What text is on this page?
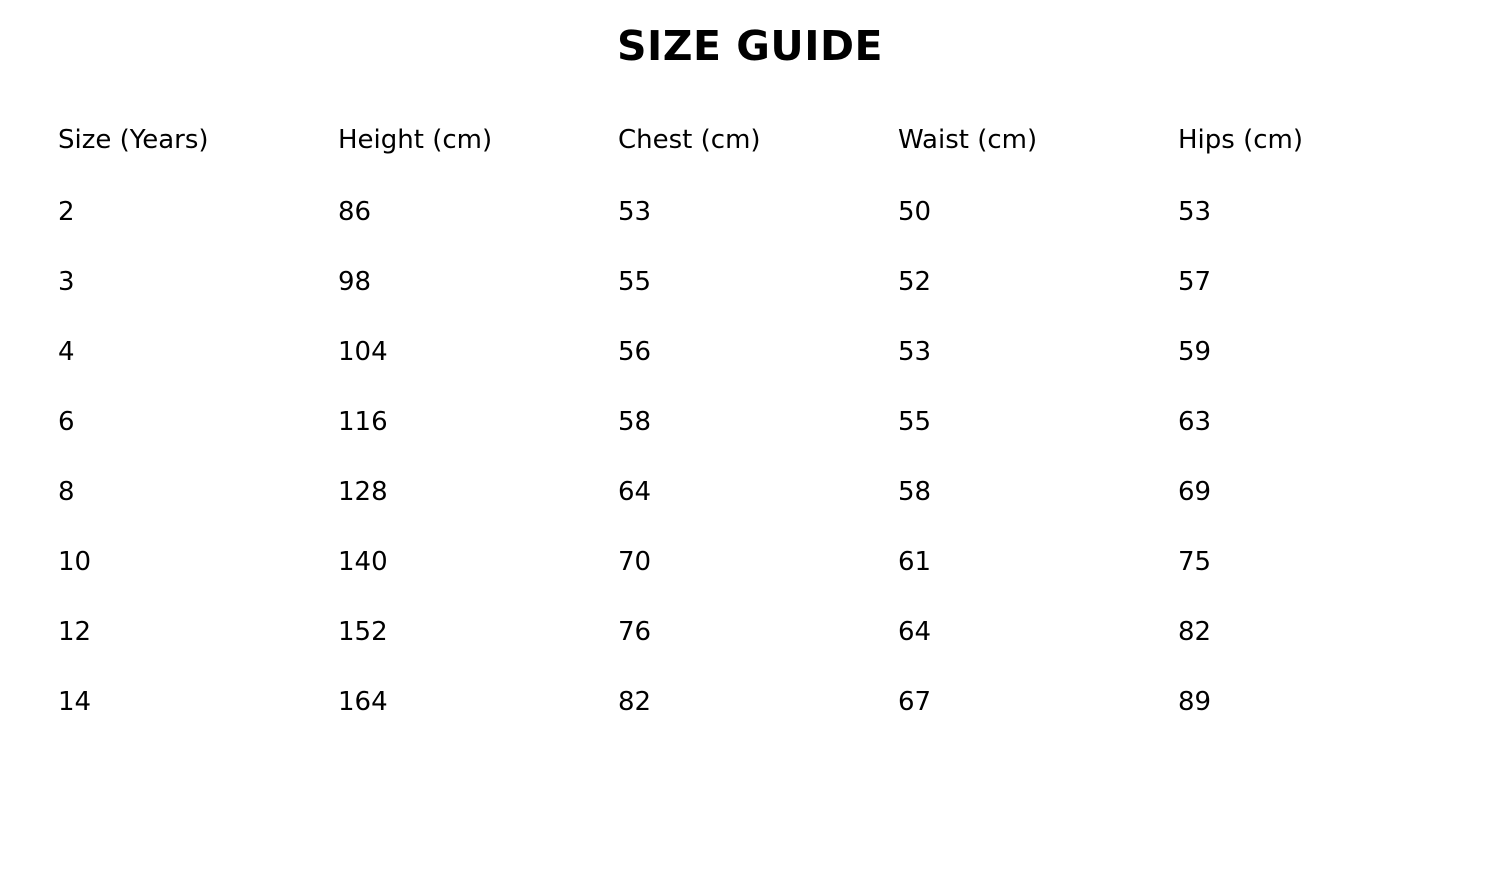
SIZE GUIDE
Size (Years)	Height (cm)	Chest (cm)	Waist (cm)	Hips (cm)
2	86	53	50	53
3	98	55	52	57
4	104	56	53	59
6	116	58	55	63
8	128	64	58	69
10	140	70	61	75
12	152	76	64	82
14	164	82	67	89
